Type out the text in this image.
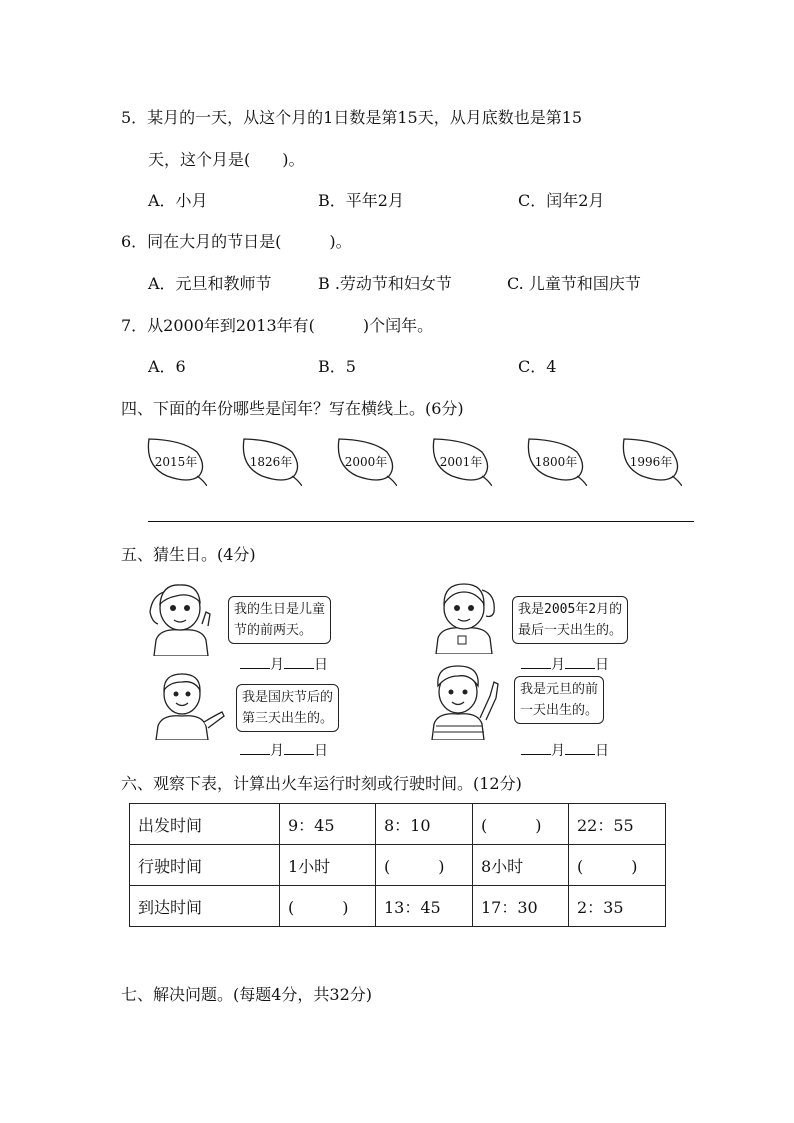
5．某月的一天，从这个月的1日数是第15天，从月底数也是第15
天，这个月是(　　)。
A．小月	B．平年2月	C．闰年2月
6．同在大月的节日是(　　　)。
A．元旦和教师节	B .劳动节和妇女节	C. 儿童节和国庆节
7．从2000年到2013年有(　　　)个闰年。
A．6	B．5	C．4
四、下面的年份哪些是闰年？写在横线上。(6分)
2015年	1826年	2000年	2001年	1800年	1996年
五、猜生日。(4分)
我的生日是儿童
节的前两天。
月 日
我是2005年2月的
最后一天出生的。
月 日
我是国庆节后的
第三天出生的。
月 日
我是元旦的前
一天出生的。
月 日
六、观察下表，计算出火车运行时刻或行驶时间。(12分)
出发时间	9：45	8：10	(　　　)	22：55
行驶时间	1小时	(　　　)	8小时	(　　　)
到达时间	(　　　)	13：45	17：30	2：35
七、解决问题。(每题4分，共32分)
